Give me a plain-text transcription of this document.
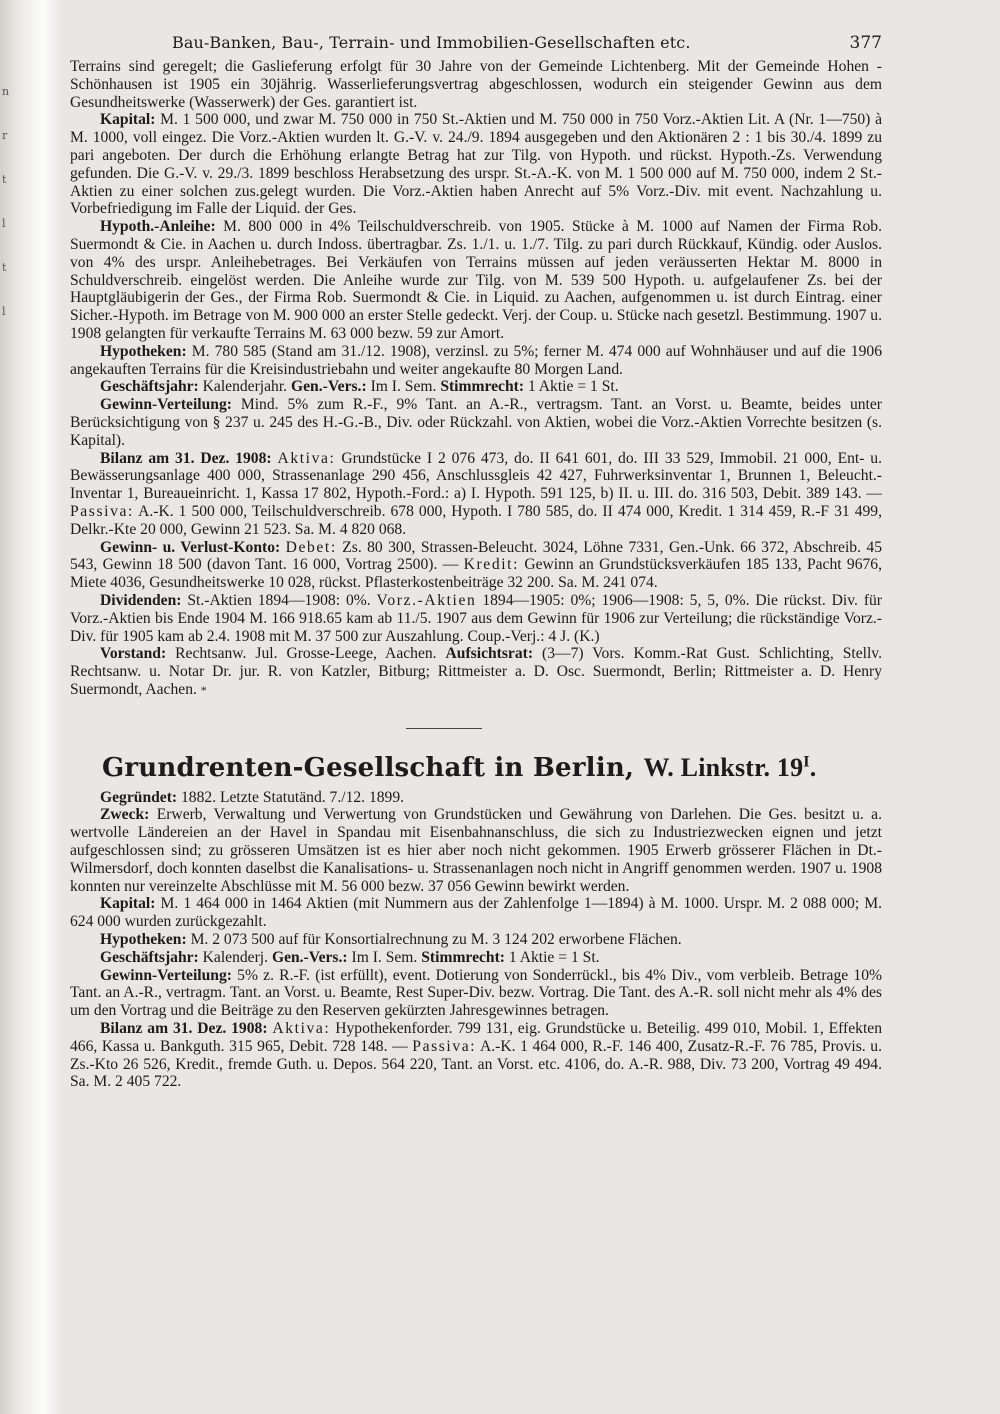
n
r
t
l
t
l
Bau-Banken, Bau-, Terrain- und Immobilien-Gesellschaften etc.	377

Terrains sind geregelt; die Gaslieferung erfolgt für 30 Jahre von der Gemeinde Lichtenberg. Mit der Gemeinde Hohen - Schönhausen ist 1905 ein 30jährig. Wasserlieferungsvertrag abgeschlossen, wodurch ein steigender Gewinn aus dem Gesundheitswerke (Wasserwerk) der Ges. garantiert ist.

Kapital: M. 1 500 000, und zwar M. 750 000 in 750 St.-Aktien und M. 750 000 in 750 Vorz.-Aktien Lit. A (Nr. 1—750) à M. 1000, voll eingez. Die Vorz.-Aktien wurden lt. G.-V. v. 24./9. 1894 ausgegeben und den Aktionären 2 : 1 bis 30./4. 1899 zu pari angeboten. Der durch die Erhöhung erlangte Betrag hat zur Tilg. von Hypoth. und rückst. Hypoth.-Zs. Verwendung gefunden. Die G.-V. v. 29./3. 1899 beschloss Herabsetzung des urspr. St.-A.-K. von M. 1 500 000 auf M. 750 000, indem 2 St.-Aktien zu einer solchen zus.gelegt wurden. Die Vorz.-Aktien haben Anrecht auf 5% Vorz.-Div. mit event. Nachzahlung u. Vorbefriedigung im Falle der Liquid. der Ges.

Hypoth.-Anleihe: M. 800 000 in 4% Teilschuldverschreib. von 1905. Stücke à M. 1000 auf Namen der Firma Rob. Suermondt & Cie. in Aachen u. durch Indoss. übertragbar. Zs. 1./1. u. 1./7. Tilg. zu pari durch Rückkauf, Kündig. oder Auslos. von 4% des urspr. Anleihebetrages. Bei Verkäufen von Terrains müssen auf jeden veräusserten Hektar M. 8000 in Schuldverschreib. eingelöst werden. Die Anleihe wurde zur Tilg. von M. 539 500 Hypoth. u. aufgelaufener Zs. bei der Hauptgläubigerin der Ges., der Firma Rob. Suermondt & Cie. in Liquid. zu Aachen, aufgenommen u. ist durch Eintrag. einer Sicher.-Hypoth. im Betrage von M. 900 000 an erster Stelle gedeckt. Verj. der Coup. u. Stücke nach gesetzl. Bestimmung. 1907 u. 1908 gelangten für verkaufte Terrains M. 63 000 bezw. 59 zur Amort.

Hypotheken: M. 780 585 (Stand am 31./12. 1908), verzinsl. zu 5%; ferner M. 474 000 auf Wohnhäuser und auf die 1906 angekauften Terrains für die Kreisindustriebahn und weiter angekaufte 80 Morgen Land.

Geschäftsjahr: Kalenderjahr. Gen.-Vers.: Im I. Sem. Stimmrecht: 1 Aktie = 1 St.

Gewinn-Verteilung: Mind. 5% zum R.-F., 9% Tant. an A.-R., vertragsm. Tant. an Vorst. u. Beamte, beides unter Berücksichtigung von § 237 u. 245 des H.-G.-B., Div. oder Rückzahl. von Aktien, wobei die Vorz.-Aktien Vorrechte besitzen (s. Kapital).

Bilanz am 31. Dez. 1908: Aktiva: Grundstücke I 2 076 473, do. II 641 601, do. III 33 529, Immobil. 21 000, Ent- u. Bewässerungsanlage 400 000, Strassenanlage 290 456, Anschlussgleis 42 427, Fuhrwerksinventar 1, Brunnen 1, Beleucht.-Inventar 1, Bureaueinricht. 1, Kassa 17 802, Hypoth.-Ford.: a) I. Hypoth. 591 125, b) II. u. III. do. 316 503, Debit. 389 143. — Passiva: A.-K. 1 500 000, Teilschuldverschreib. 678 000, Hypoth. I 780 585, do. II 474 000, Kredit. 1 314 459, R.-F 31 499, Delkr.-Kte 20 000, Gewinn 21 523. Sa. M. 4 820 068.

Gewinn- u. Verlust-Konto: Debet: Zs. 80 300, Strassen-Beleucht. 3024, Löhne 7331, Gen.-Unk. 66 372, Abschreib. 45 543, Gewinn 18 500 (davon Tant. 16 000, Vortrag 2500). — Kredit: Gewinn an Grundstücksverkäufen 185 133, Pacht 9676, Miete 4036, Gesundheitswerke 10 028, rückst. Pflasterkostenbeiträge 32 200. Sa. M. 241 074.

Dividenden: St.-Aktien 1894—1908: 0%. Vorz.-Aktien 1894—1905: 0%; 1906—1908: 5, 5, 0%. Die rückst. Div. für Vorz.-Aktien bis Ende 1904 M. 166 918.65 kam ab 11./5. 1907 aus dem Gewinn für 1906 zur Verteilung; die rückständige Vorz.-Div. für 1905 kam ab 2.4. 1908 mit M. 37 500 zur Auszahlung. Coup.-Verj.: 4 J. (K.)

Vorstand: Rechtsanw. Jul. Grosse-Leege, Aachen. Aufsichtsrat: (3—7) Vors. Komm.-Rat Gust. Schlichting, Stellv. Rechtsanw. u. Notar Dr. jur. R. von Katzler, Bitburg; Rittmeister a. D. Osc. Suermondt, Berlin; Rittmeister a. D. Henry Suermondt, Aachen. *

Grundrenten-Gesellschaft in Berlin, W. Linkstr. $19^I$.

Gegründet: 1882. Letzte Statutänd. 7./12. 1899.

Zweck: Erwerb, Verwaltung und Verwertung von Grundstücken und Gewährung von Darlehen. Die Ges. besitzt u. a. wertvolle Ländereien an der Havel in Spandau mit Eisenbahnanschluss, die sich zu Industriezwecken eignen und jetzt aufgeschlossen sind; zu grösseren Umsätzen ist es hier aber noch nicht gekommen. 1905 Erwerb grösserer Flächen in Dt.-Wilmersdorf, doch konnten daselbst die Kanalisations- u. Strassenanlagen noch nicht in Angriff genommen werden. 1907 u. 1908 konnten nur vereinzelte Abschlüsse mit M. 56 000 bezw. 37 056 Gewinn bewirkt werden.

Kapital: M. 1 464 000 in 1464 Aktien (mit Nummern aus der Zahlenfolge 1—1894) à M. 1000. Urspr. M. 2 088 000; M. 624 000 wurden zurückgezahlt.

Hypotheken: M. 2 073 500 auf für Konsortialrechnung zu M. 3 124 202 erworbene Flächen.

Geschäftsjahr: Kalenderj. Gen.-Vers.: Im I. Sem. Stimmrecht: 1 Aktie = 1 St.

Gewinn-Verteilung: 5% z. R.-F. (ist erfüllt), event. Dotierung von Sonderrückl., bis 4% Div., vom verbleib. Betrage 10% Tant. an A.-R., vertragm. Tant. an Vorst. u. Beamte, Rest Super-Div. bezw. Vortrag. Die Tant. des A.-R. soll nicht mehr als 4% des um den Vortrag und die Beiträge zu den Reserven gekürzten Jahresgewinnes betragen.

Bilanz am 31. Dez. 1908: Aktiva: Hypothekenforder. 799 131, eig. Grundstücke u. Beteilig. 499 010, Mobil. 1, Effekten 466, Kassa u. Bankguth. 315 965, Debit. 728 148. — Passiva: A.-K. 1 464 000, R.-F. 146 400, Zusatz-R.-F. 76 785, Provis. u. Zs.-Kto 26 526, Kredit., fremde Guth. u. Depos. 564 220, Tant. an Vorst. etc. 4106, do. A.-R. 988, Div. 73 200, Vortrag 49 494. Sa. M. 2 405 722.
